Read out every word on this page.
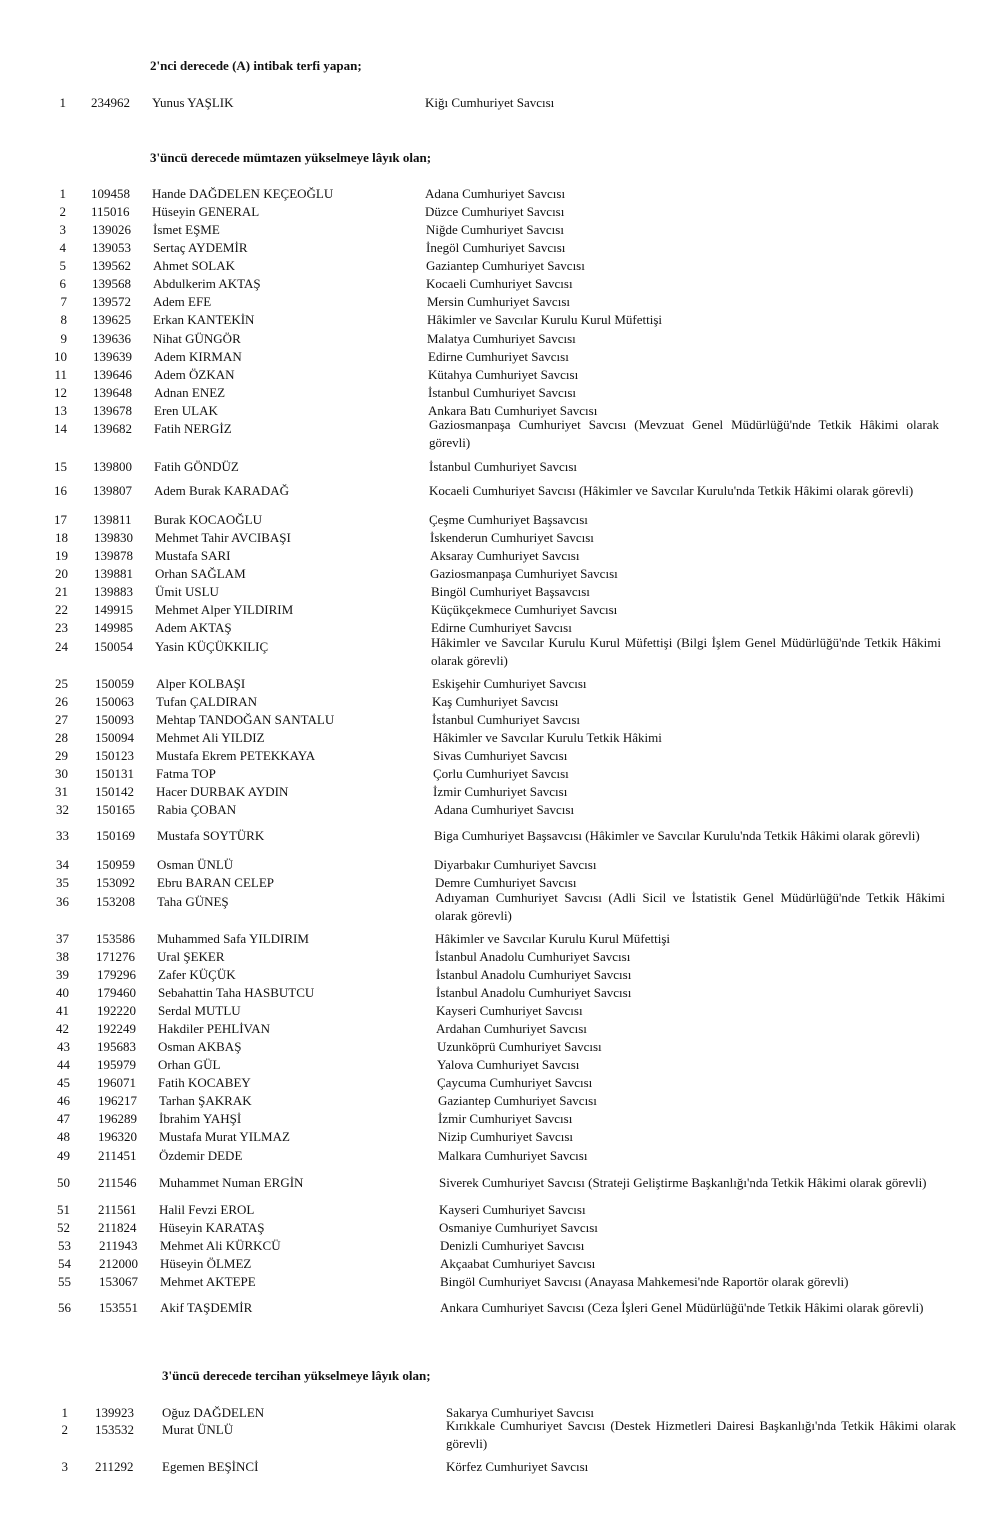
2'nci derecede (A) intibak terfi yapan;
1 234962 Yunus YAŞLIK	Kiğı Cumhuriyet Savcısı
3'üncü derecede mümtazen yükselmeye lâyık olan;
1 109458 Hande DAĞDELEN KEÇEOĞLU	Adana Cumhuriyet Savcısı
2 115016 Hüseyin GENERAL	Düzce Cumhuriyet Savcısı
3 139026 İsmet EŞME	Niğde Cumhuriyet Savcısı
4 139053 Sertaç AYDEMİR	İnegöl Cumhuriyet Savcısı
5 139562 Ahmet SOLAK	Gaziantep Cumhuriyet Savcısı
6 139568 Abdulkerim AKTAŞ	Kocaeli Cumhuriyet Savcısı
7 139572 Adem EFE	Mersin Cumhuriyet Savcısı
8 139625 Erkan KANTEKİN	Hâkimler ve Savcılar Kurulu Kurul Müfettişi
9 139636 Nihat GÜNGÖR	Malatya Cumhuriyet Savcısı
10 139639 Adem KIRMAN	Edirne Cumhuriyet Savcısı
11 139646 Adem ÖZKAN	Kütahya Cumhuriyet Savcısı
12 139648 Adnan ENEZ	İstanbul Cumhuriyet Savcısı
13 139678 Eren ULAK	Ankara Batı Cumhuriyet Savcısı
14 139682 Fatih NERGİZ	Gaziosmanpaşa Cumhuriyet Savcısı (Mevzuat Genel Müdürlüğü'nde Tetkik Hâkimi olarak görevli)
15 139800 Fatih GÖNDÜZ	İstanbul Cumhuriyet Savcısı
16 139807 Adem Burak KARADAĞ	Kocaeli Cumhuriyet Savcısı (Hâkimler ve Savcılar Kurulu'nda Tetkik Hâkimi olarak görevli)
17 139811 Burak KOCAOĞLU	Çeşme Cumhuriyet Başsavcısı
18 139830 Mehmet Tahir AVCIBAŞI	İskenderun Cumhuriyet Savcısı
19 139878 Mustafa SARI	Aksaray Cumhuriyet Savcısı
20 139881 Orhan SAĞLAM	Gaziosmanpaşa Cumhuriyet Savcısı
21 139883 Ümit USLU	Bingöl Cumhuriyet Başsavcısı
22 149915 Mehmet Alper YILDIRIM	Küçükçekmece Cumhuriyet Savcısı
23 149985 Adem AKTAŞ	Edirne Cumhuriyet Savcısı
24 150054 Yasin KÜÇÜKKILIÇ	Hâkimler ve Savcılar Kurulu Kurul Müfettişi (Bilgi İşlem Genel Müdürlüğü'nde Tetkik Hâkimi olarak görevli)
25 150059 Alper KOLBAŞI	Eskişehir Cumhuriyet Savcısı
26 150063 Tufan ÇALDIRAN	Kaş Cumhuriyet Savcısı
27 150093 Mehtap TANDOĞAN SANTALU	İstanbul Cumhuriyet Savcısı
28 150094 Mehmet Ali YILDIZ	Hâkimler ve Savcılar Kurulu Tetkik Hâkimi
29 150123 Mustafa Ekrem PETEKKAYA	Sivas Cumhuriyet Savcısı
30 150131 Fatma TOP	Çorlu Cumhuriyet Savcısı
31 150142 Hacer DURBAK AYDIN	İzmir Cumhuriyet Savcısı
32 150165 Rabia ÇOBAN	Adana Cumhuriyet Savcısı
33 150169 Mustafa SOYTÜRK	Biga Cumhuriyet Başsavcısı (Hâkimler ve Savcılar Kurulu'nda Tetkik Hâkimi olarak görevli)
34 150959 Osman ÜNLÜ	Diyarbakır Cumhuriyet Savcısı
35 153092 Ebru BARAN CELEP	Demre Cumhuriyet Savcısı
36 153208 Taha GÜNEŞ	Adıyaman Cumhuriyet Savcısı (Adli Sicil ve İstatistik Genel Müdürlüğü'nde Tetkik Hâkimi olarak görevli)
37 153586 Muhammed Safa YILDIRIM	Hâkimler ve Savcılar Kurulu Kurul Müfettişi
38 171276 Ural ŞEKER	İstanbul Anadolu Cumhuriyet Savcısı
39 179296 Zafer KÜÇÜK	İstanbul Anadolu Cumhuriyet Savcısı
40 179460 Sebahattin Taha HASBUTCU	İstanbul Anadolu Cumhuriyet Savcısı
41 192220 Serdal MUTLU	Kayseri Cumhuriyet Savcısı
42 192249 Hakdiler PEHLİVAN	Ardahan Cumhuriyet Savcısı
43 195683 Osman AKBAŞ	Uzunköprü Cumhuriyet Savcısı
44 195979 Orhan GÜL	Yalova Cumhuriyet Savcısı
45 196071 Fatih KOCABEY	Çaycuma Cumhuriyet Savcısı
46 196217 Tarhan ŞAKRAK	Gaziantep Cumhuriyet Savcısı
47 196289 İbrahim YAHŞİ	İzmir Cumhuriyet Savcısı
48 196320 Mustafa Murat YILMAZ	Nizip Cumhuriyet Savcısı
49 211451 Özdemir DEDE	Malkara Cumhuriyet Savcısı
50 211546 Muhammet Numan ERGİN	Siverek Cumhuriyet Savcısı (Strateji Geliştirme Başkanlığı'nda Tetkik Hâkimi olarak görevli)
51 211561 Halil Fevzi EROL	Kayseri Cumhuriyet Savcısı
52 211824 Hüseyin KARATAŞ	Osmaniye Cumhuriyet Savcısı
53 211943 Mehmet Ali KÜRKCÜ	Denizli Cumhuriyet Savcısı
54 212000 Hüseyin ÖLMEZ	Akçaabat Cumhuriyet Savcısı
55 153067 Mehmet AKTEPE	Bingöl Cumhuriyet Savcısı (Anayasa Mahkemesi'nde Raportör olarak görevli)
56 153551 Akif TAŞDEMİR	Ankara Cumhuriyet Savcısı (Ceza İşleri Genel Müdürlüğü'nde Tetkik Hâkimi olarak görevli)
3'üncü derecede tercihan yükselmeye lâyık olan;
1 139923 Oğuz DAĞDELEN	Sakarya Cumhuriyet Savcısı
2 153532 Murat ÜNLÜ	Kırıkkale Cumhuriyet Savcısı (Destek Hizmetleri Dairesi Başkanlığı'nda Tetkik Hâkimi olarak görevli)
3 211292 Egemen BEŞİNCİ	Körfez Cumhuriyet Savcısı
